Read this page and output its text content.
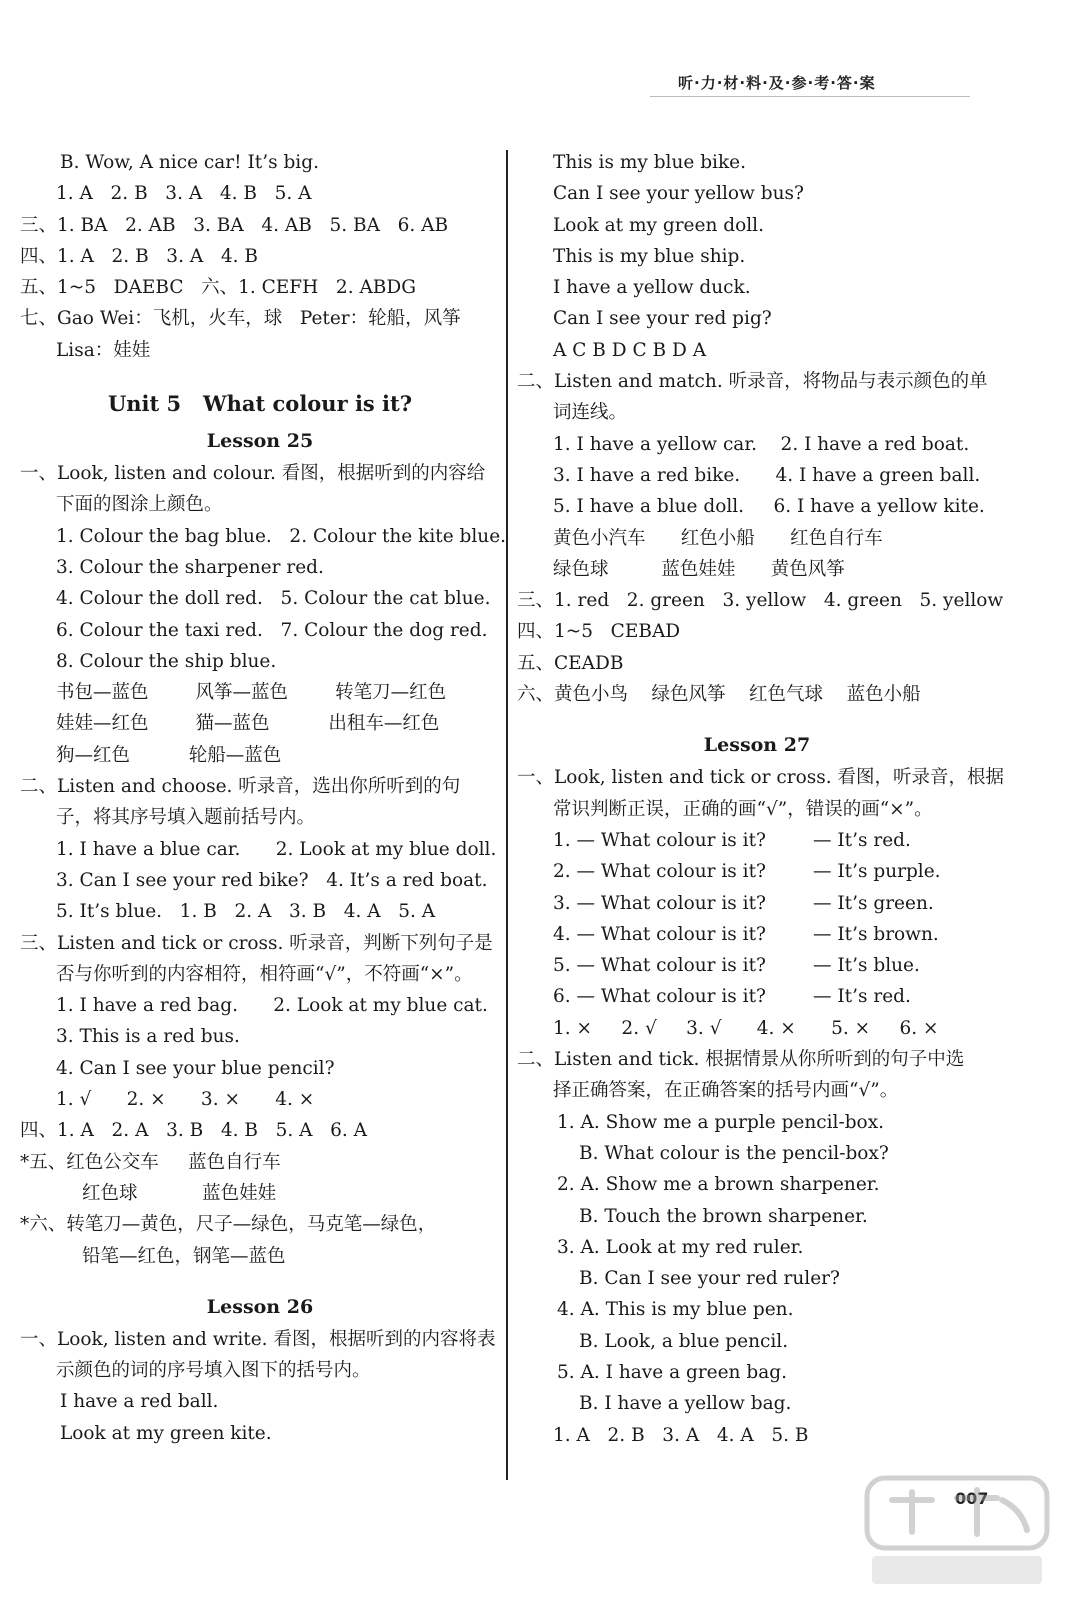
听·力·材·料·及·参·考·答·案
B. Wow, A nice car! It’s big.
1. A   2. B   3. A   4. B   5. A
三、1. BA   2. AB   3. BA   4. AB   5. BA   6. AB
四、1. A   2. B   3. A   4. B
五、1~5   DAEBC   六、1. CEFH   2. ABDG
七、Gao Wei：飞机，火车，球   Peter：轮船，风筝
Lisa：娃娃
Unit 5   What colour is it?
Lesson 25
一、Look, listen and colour. 看图，根据听到的内容给
下面的图涂上颜色。
1. Colour the bag blue.   2. Colour the kite blue.
3. Colour the sharpener red.
4. Colour the doll red.   5. Colour the cat blue.
6. Colour the taxi red.   7. Colour the dog red.
8. Colour the ship blue.
书包—蓝色        风筝—蓝色        转笔刀—红色
娃娃—红色        猫—蓝色          出租车—红色
狗—红色          轮船—蓝色
二、Listen and choose. 听录音，选出你所听到的句
子，将其序号填入题前括号内。
1. I have a blue car.      2. Look at my blue doll.
3. Can I see your red bike?   4. It’s a red boat.
5. It’s blue.   1. B   2. A   3. B   4. A   5. A
三、Listen and tick or cross. 听录音，判断下列句子是
否与你听到的内容相符，相符画“√”，不符画“×”。
1. I have a red bag.      2. Look at my blue cat.
3. This is a red bus.
4. Can I see your blue pencil?
1. √      2. ×      3. ×      4. ×
四、1. A   2. A   3. B   4. B   5. A   6. A
*五、红色公交车     蓝色自行车
红色球           蓝色娃娃
*六、转笔刀—黄色，尺子—绿色，马克笔—绿色，
铅笔—红色，钢笔—蓝色
Lesson 26
一、Look, listen and write. 看图，根据听到的内容将表
示颜色的词的序号填入图下的括号内。
I have a red ball.
Look at my green kite.
This is my blue bike.
Can I see your yellow bus?
Look at my green doll.
This is my blue ship.
I have a yellow duck.
Can I see your red pig?
A C B D C B D A
二、Listen and match. 听录音，将物品与表示颜色的单
词连线。
1. I have a yellow car.    2. I have a red boat.
3. I have a red bike.      4. I have a green ball.
5. I have a blue doll.     6. I have a yellow kite.
黄色小汽车      红色小船      红色自行车
绿色球         蓝色娃娃      黄色风筝
三、1. red   2. green   3. yellow   4. green   5. yellow
四、1~5   CEBAD
五、CEADB
六、黄色小鸟    绿色风筝    红色气球    蓝色小船
Lesson 27
一、Look, listen and tick or cross. 看图，听录音，根据
常识判断正误，正确的画“√”，错误的画“×”。
1. — What colour is it?        — It’s red.
2. — What colour is it?        — It’s purple.
3. — What colour is it?        — It’s green.
4. — What colour is it?        — It’s brown.
5. — What colour is it?        — It’s blue.
6. — What colour is it?        — It’s red.
1. ×     2. √     3. √      4. ×      5. ×     6. ×
二、Listen and tick. 根据情景从你所听到的句子中选
择正确答案，在正确答案的括号内画“√”。
1. A. Show me a purple pencil-box.
B. What colour is the pencil-box?
2. A. Show me a brown sharpener.
B. Touch the brown sharpener.
3. A. Look at my red ruler.
B. Can I see your red ruler?
4. A. This is my blue pen.
B. Look, a blue pencil.
5. A. I have a green bag.
B. I have a yellow bag.
1. A   2. B   3. A   4. A   5. B
007
